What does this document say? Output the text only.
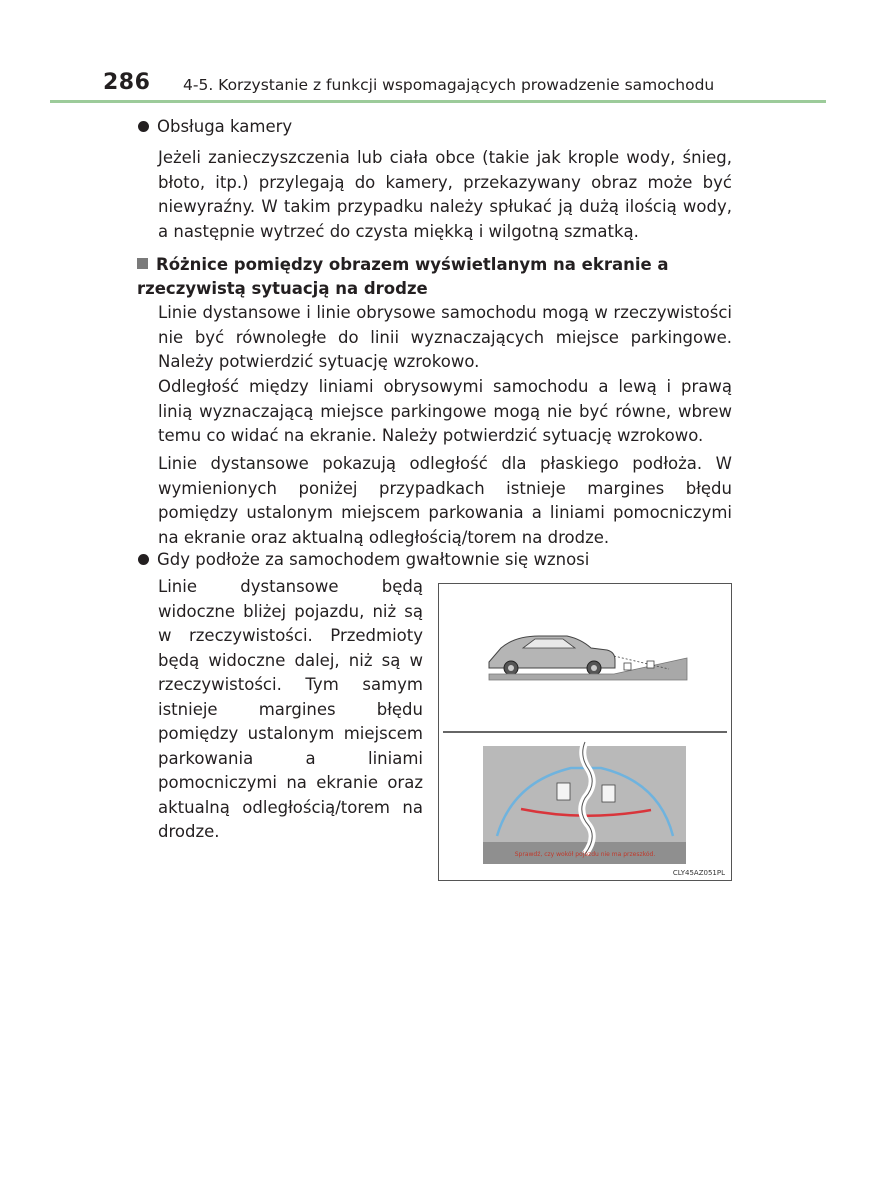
286 4-5. Korzystanie z funkcji wspomagających prowadzenie samochodu
Obsługa kamery
Jeżeli zanieczyszczenia lub ciała obce (takie jak krople wody, śnieg, błoto, itp.) przylegają do kamery, przekazywany obraz może być niewyraźny. W takim przypadku należy spłukać ją dużą ilością wody, a następnie wytrzeć do czysta miękką i wilgotną szmatką.
Różnice pomiędzy obrazem wyświetlanym na ekranie a rzeczywistą sytuacją na drodze
Linie dystansowe i linie obrysowe samochodu mogą w rzeczywistości nie być równoległe do linii wyznaczających miejsce parkingowe. Należy potwierdzić sytuację wzrokowo.
Odległość między liniami obrysowymi samochodu a lewą i prawą linią wyznaczającą miejsce parkingowe mogą nie być równe, wbrew temu co widać na ekranie. Należy potwierdzić sytuację wzrokowo.
Linie dystansowe pokazują odległość dla płaskiego podłoża. W wymienionych poniżej przypadkach istnieje margines błędu pomiędzy ustalonym miejscem parkowania a liniami pomocniczymi na ekranie oraz aktualną odległością/torem na drodze.
Gdy podłoże za samochodem gwałtownie się wznosi
Linie dystansowe będą widoczne bliżej pojazdu, niż są w rzeczywistości. Przedmioty będą widoczne dalej, niż są w rzeczywistości. Tym samym istnieje margines błędu pomiędzy ustalonym miejscem parkowania a liniami pomocniczymi na ekranie oraz aktualną odległością/torem na drodze.
Sprawdź, czy wokół pojazdu nie ma przeszkód.
CLY45AZ051PL
